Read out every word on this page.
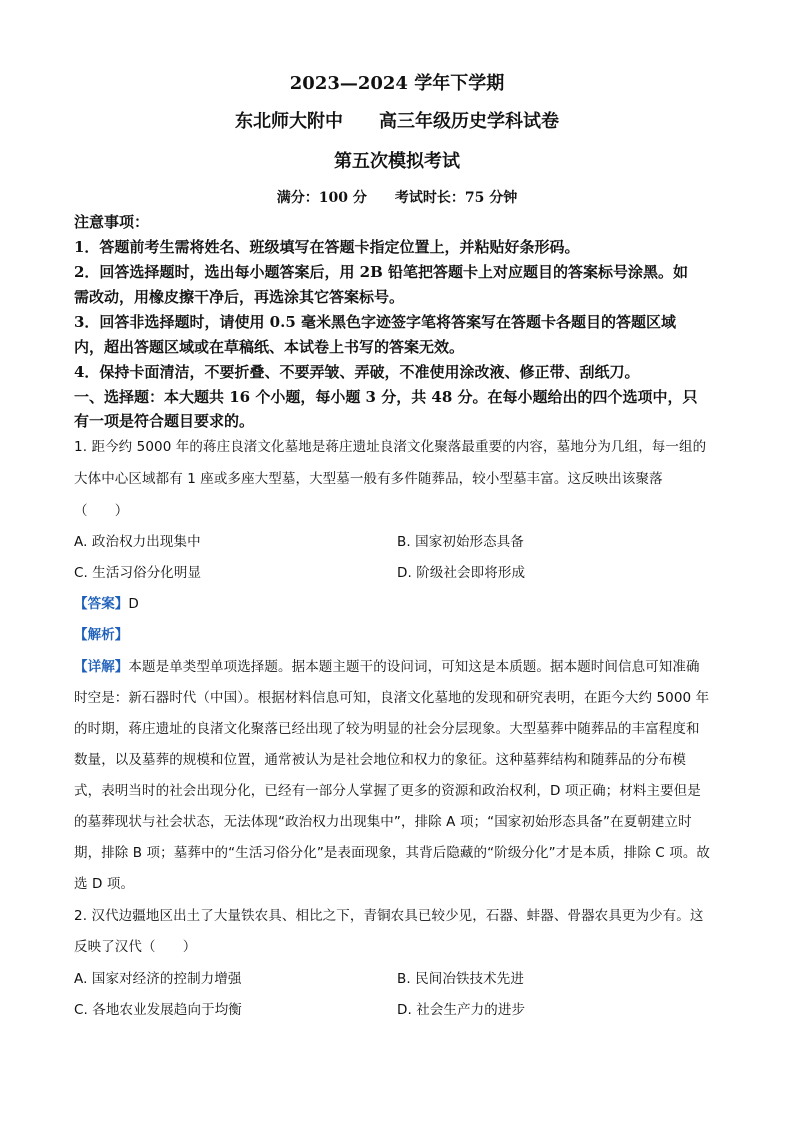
2023—2024 学年下学期
东北师大附中　　高三年级历史学科试卷
第五次模拟考试
满分：100 分　　考试时长：75 分钟
注意事项：
1．答题前考生需将姓名、班级填写在答题卡指定位置上，并粘贴好条形码。
2．回答选择题时，选出每小题答案后，用 2B 铅笔把答题卡上对应题目的答案标号涂黑。如
需改动，用橡皮擦干净后，再选涂其它答案标号。
3．回答非选择题时，请使用 0.5 毫米黑色字迹签字笔将答案写在答题卡各题目的答题区域
内，超出答题区域或在草稿纸、本试卷上书写的答案无效。
4．保持卡面清洁，不要折叠、不要弄皱、弄破，不准使用涂改液、修正带、刮纸刀。
一、选择题：本大题共 16 个小题，每小题 3 分，共 48 分。在每小题给出的四个选项中，只
有一项是符合题目要求的。
1. 距今约 5000 年的蒋庄良渚文化墓地是蒋庄遗址良渚文化聚落最重要的内容，墓地分为几组，每一组的
大体中心区域都有 1 座或多座大型墓，大型墓一般有多件随葬品，较小型墓丰富。这反映出该聚落
（　　）
A. 政治权力出现集中	B. 国家初始形态具备
C. 生活习俗分化明显	D. 阶级社会即将形成
【答案】D
【解析】
【详解】本题是单类型单项选择题。据本题主题干的设问词，可知这是本质题。据本题时间信息可知准确
时空是：新石器时代（中国）。根据材料信息可知，良渚文化墓地的发现和研究表明，在距今大约 5000 年
的时期，蒋庄遗址的良渚文化聚落已经出现了较为明显的社会分层现象。大型墓葬中随葬品的丰富程度和
数量，以及墓葬的规模和位置，通常被认为是社会地位和权力的象征。这种墓葬结构和随葬品的分布模
式，表明当时的社会出现分化，已经有一部分人掌握了更多的资源和政治权利，D 项正确；材料主要但是
的墓葬现状与社会状态，无法体现“政治权力出现集中”，排除 A 项；“国家初始形态具备”在夏朝建立时
期，排除 B 项；墓葬中的“生活习俗分化”是表面现象，其背后隐藏的“阶级分化”才是本质，排除 C 项。故
选 D 项。
2. 汉代边疆地区出土了大量铁农具、相比之下，青铜农具已较少见，石器、蚌器、骨器农具更为少有。这
反映了汉代（　　）
A. 国家对经济的控制力增强	B. 民间冶铁技术先进
C. 各地农业发展趋向于均衡	D. 社会生产力的进步
